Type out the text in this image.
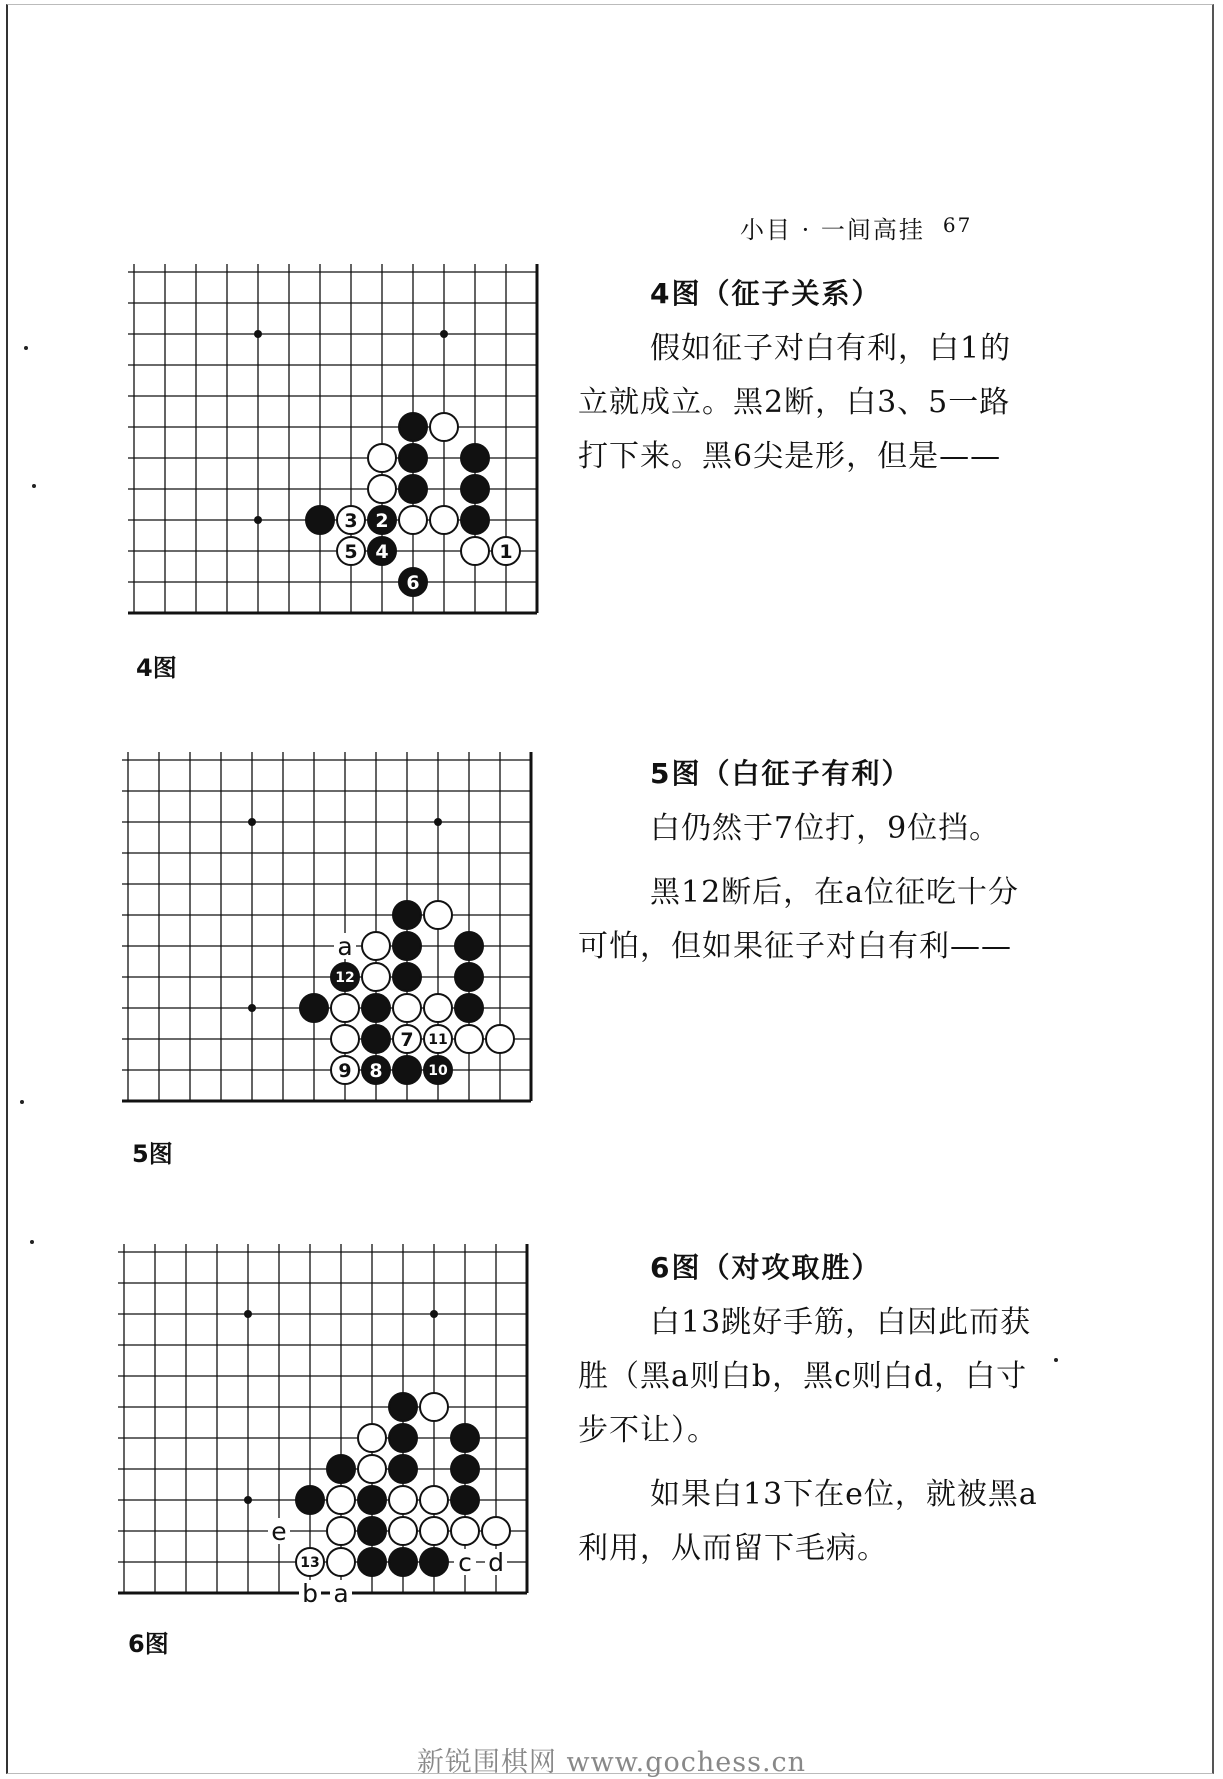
小目 · 一间高挂 $^{67}$
3 2
5 4	1
6
4图
4图（征子关系）

假如征子对白有利，白1的立就成立。黑2断，白3、5一路打下来。黑6尖是形，但是——

a
12
7 11
9 8	10
5图
5图（白征子有利）

白仍然于7位打，9位挡。

黑12断后，在a位征吃十分可怕，但如果征子对白有利——

e
c d
b a
13
6图
6图（对攻取胜）

白13跳好手筋，白因此而获胜（黑a则白b，黑c则白d，白寸步不让）。

如果白13下在e位，就被黑a利用，从而留下毛病。

新锐围棋网 www.gochess.cn
